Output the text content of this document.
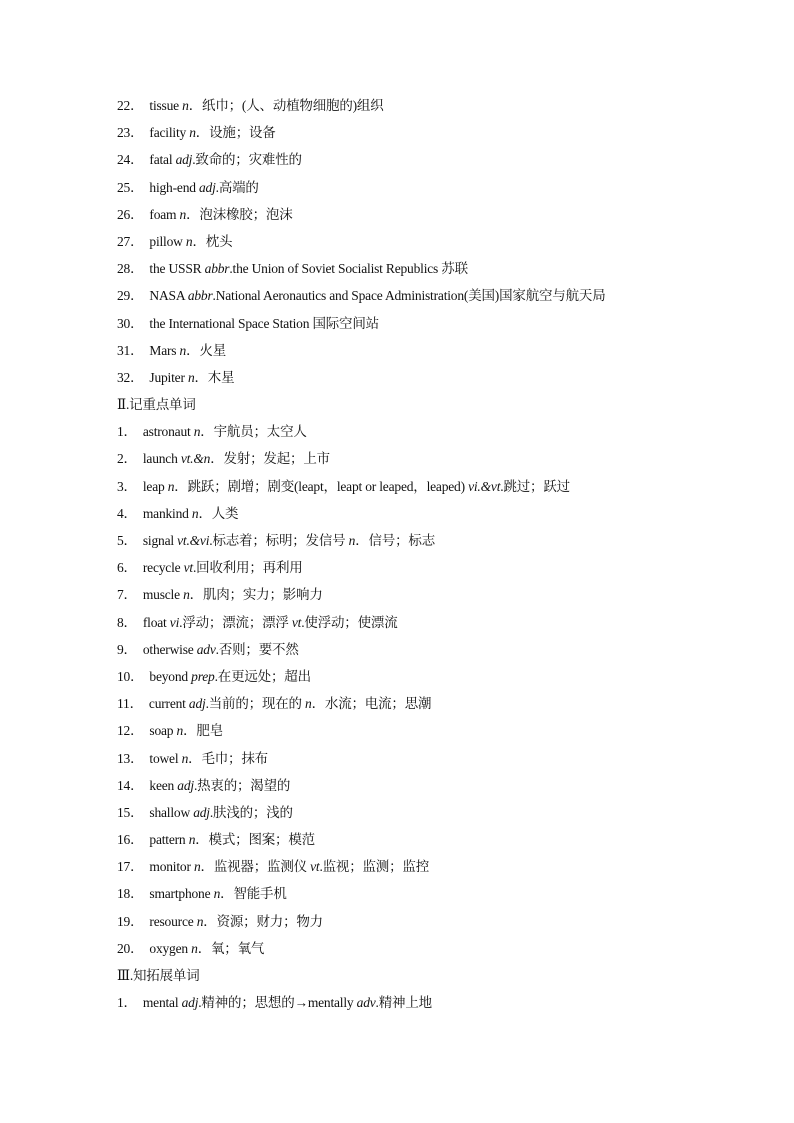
22． tissue n．纸巾；(人、动植物细胞的)组织
23． facility n．设施；设备
24． fatal adj.致命的；灾难性的
25． high-end adj.高端的
26． foam n．泡沫橡胶；泡沫
27． pillow n．枕头
28． the USSR abbr.the Union of Soviet Socialist Republics 苏联
29． NASA abbr.National Aeronautics and Space Administration(美国)国家航空与航天局
30． the International Space Station 国际空间站
31． Mars n．火星
32． Jupiter n．木星
Ⅱ.记重点单词
1． astronaut n．宇航员；太空人
2． launch vt.&n．发射；发起；上市
3． leap n．跳跃；剧增；剧变(leapt，leapt or leaped，leaped) vi.&vt.跳过；跃过
4． mankind n．人类
5． signal vt.&vi.标志着；标明；发信号 n．信号；标志
6． recycle vt.回收利用；再利用
7． muscle n．肌肉；实力；影响力
8． float vi.浮动；漂流；漂浮 vt.使浮动；使漂流
9． otherwise adv.否则；要不然
10． beyond prep.在更远处；超出
11． current adj.当前的；现在的 n．水流；电流；思潮
12． soap n．肥皂
13． towel n．毛巾；抹布
14． keen adj.热衷的；渴望的
15． shallow adj.肤浅的；浅的
16． pattern n．模式；图案；模范
17． monitor n．监视器；监测仪 vt.监视；监测；监控
18． smartphone n．智能手机
19． resource n．资源；财力；物力
20． oxygen n．氧；氧气
Ⅲ.知拓展单词
1． mental adj.精神的；思想的→mentally adv.精神上地
